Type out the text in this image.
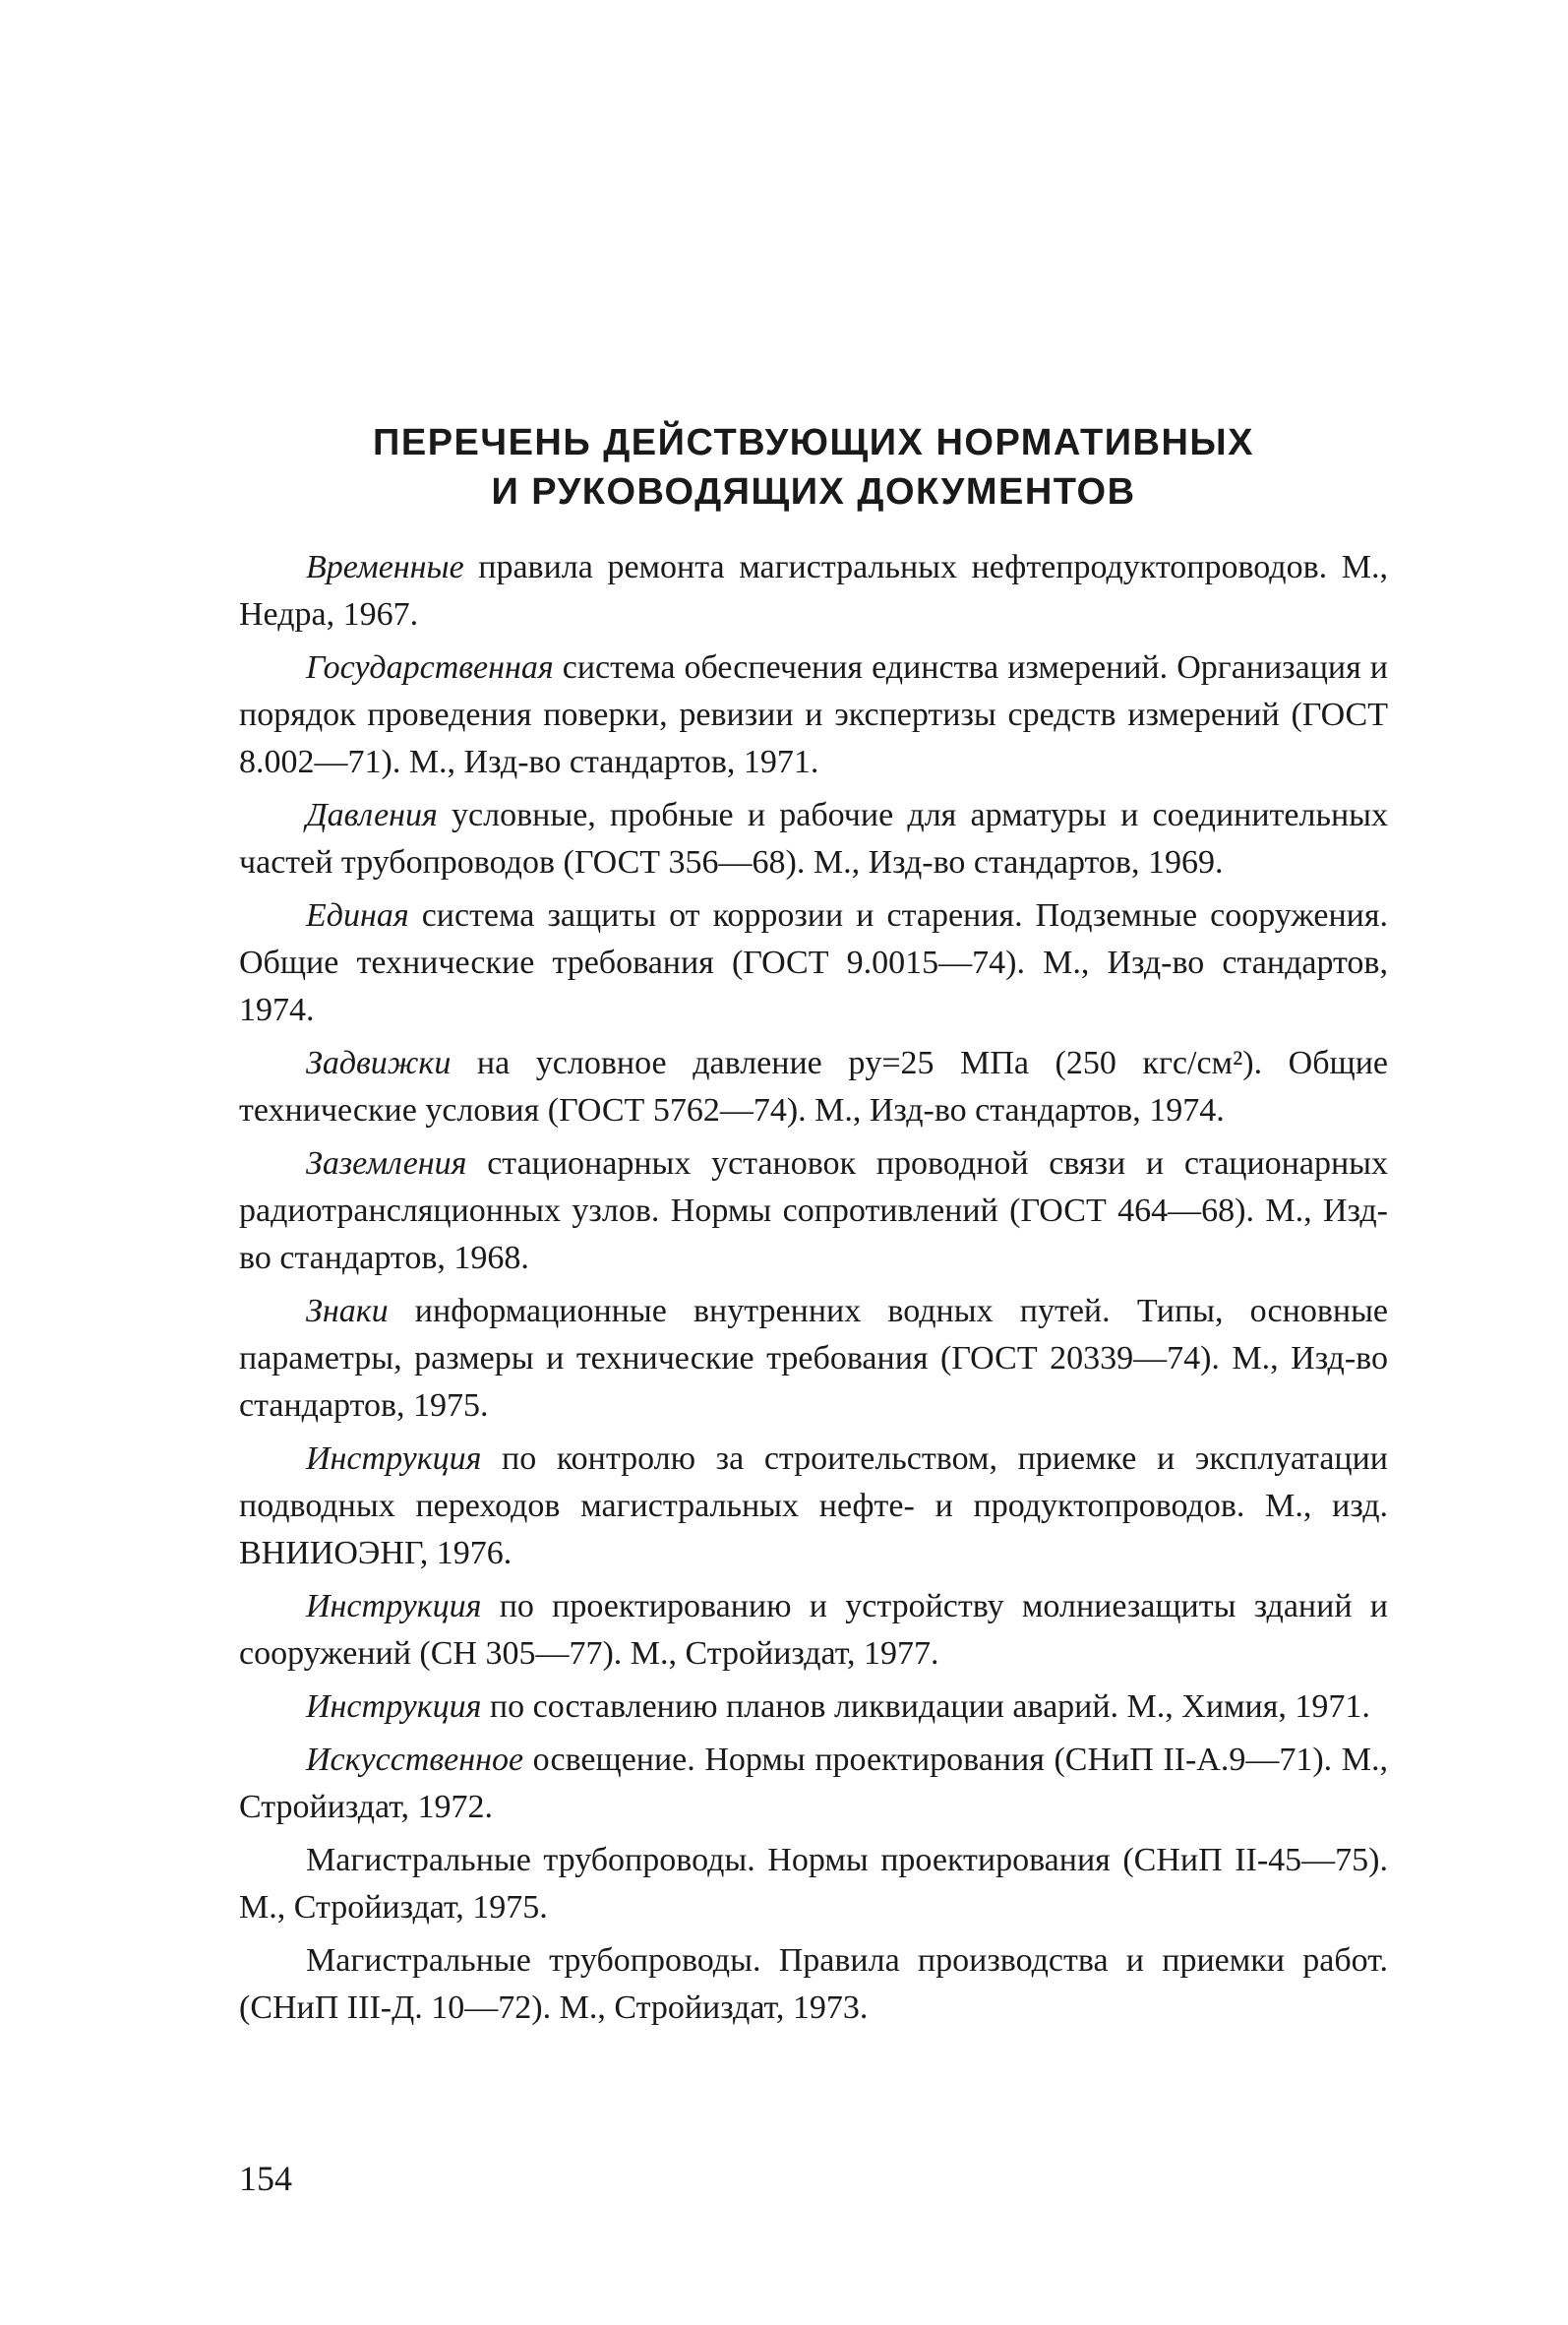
ПЕРЕЧЕНЬ ДЕЙСТВУЮЩИХ НОРМАТИВНЫХ
И РУКОВОДЯЩИХ ДОКУМЕНТОВ

Временные правила ремонта магистральных нефтепродуктопроводов. М., Недра, 1967.

Государственная система обеспечения единства измерений. Организация и порядок проведения поверки, ревизии и экспертизы средств измерений (ГОСТ 8.002—71). М., Изд-во стандартов, 1971.

Давления условные, пробные и рабочие для арматуры и соединительных частей трубопроводов (ГОСТ 356—68). М., Изд-во стандартов, 1969.

Единая система защиты от коррозии и старения. Подземные сооружения. Общие технические требования (ГОСТ 9.0015—74). М., Изд-во стандартов, 1974.

Задвижки на условное давление pу=25 МПа (250 кгс/см²). Общие технические условия (ГОСТ 5762—74). М., Изд-во стандартов, 1974.

Заземления стационарных установок проводной связи и стационарных радиотрансляционных узлов. Нормы сопротивлений (ГОСТ 464—68). М., Изд-во стандартов, 1968.

Знаки информационные внутренних водных путей. Типы, основные параметры, размеры и технические требования (ГОСТ 20339—74). М., Изд-во стандартов, 1975.

Инструкция по контролю за строительством, приемке и эксплуатации подводных переходов магистральных нефте- и продуктопроводов. М., изд. ВНИИОЭНГ, 1976.

Инструкция по проектированию и устройству молниезащиты зданий и сооружений (СН 305—77). М., Стройиздат, 1977.

Инструкция по составлению планов ликвидации аварий. М., Химия, 1971.

Искусственное освещение. Нормы проектирования (СНиП II-А.9—71). М., Стройиздат, 1972.

Магистральные трубопроводы. Нормы проектирования (СНиП II-45—75). М., Стройиздат, 1975.

Магистральные трубопроводы. Правила производства и приемки работ. (СНиП III-Д. 10—72). М., Стройиздат, 1973.

154
